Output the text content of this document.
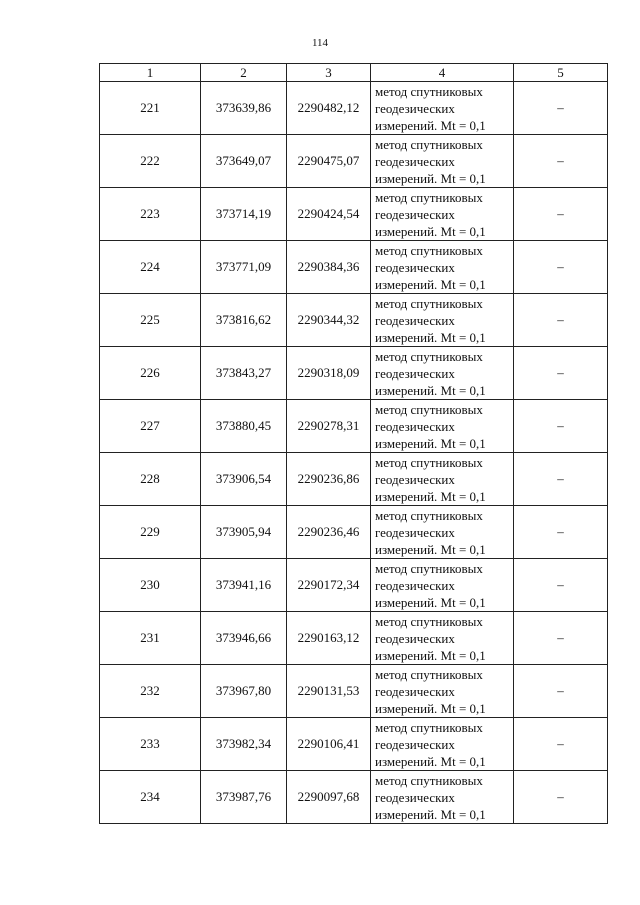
114
1	2	3	4	5
221	373639,86	2290482,12	метод спутниковых
геодезических
измерений. Mt = 0,1	–
222	373649,07	2290475,07	метод спутниковых
геодезических
измерений. Mt = 0,1	–
223	373714,19	2290424,54	метод спутниковых
геодезических
измерений. Mt = 0,1	–
224	373771,09	2290384,36	метод спутниковых
геодезических
измерений. Mt = 0,1	–
225	373816,62	2290344,32	метод спутниковых
геодезических
измерений. Mt = 0,1	–
226	373843,27	2290318,09	метод спутниковых
геодезических
измерений. Mt = 0,1	–
227	373880,45	2290278,31	метод спутниковых
геодезических
измерений. Mt = 0,1	–
228	373906,54	2290236,86	метод спутниковых
геодезических
измерений. Mt = 0,1	–
229	373905,94	2290236,46	метод спутниковых
геодезических
измерений. Mt = 0,1	–
230	373941,16	2290172,34	метод спутниковых
геодезических
измерений. Mt = 0,1	–
231	373946,66	2290163,12	метод спутниковых
геодезических
измерений. Mt = 0,1	–
232	373967,80	2290131,53	метод спутниковых
геодезических
измерений. Mt = 0,1	–
233	373982,34	2290106,41	метод спутниковых
геодезических
измерений. Mt = 0,1	–
234	373987,76	2290097,68	метод спутниковых
геодезических
измерений. Mt = 0,1	–
